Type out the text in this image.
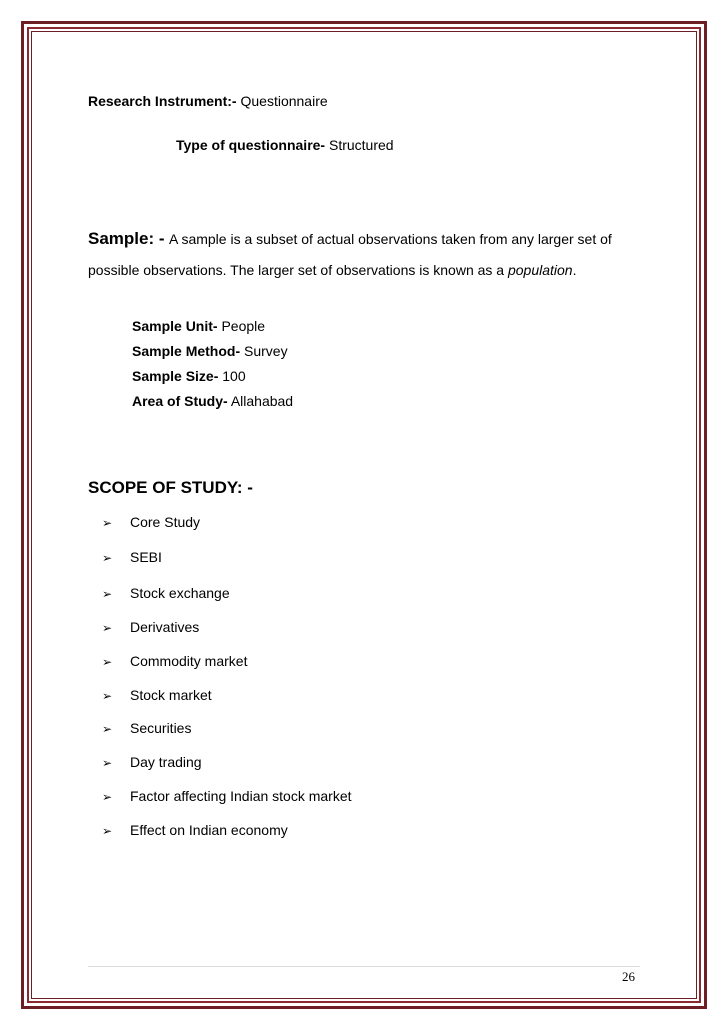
Research Instrument:- Questionnaire
Type of questionnaire- Structured
Sample: - A sample is a subset of actual observations taken from any larger set of
possible observations. The larger set of observations is known as a population.
Sample Unit- People
Sample Method- Survey
Sample Size- 100
Area of Study- Allahabad
SCOPE OF STUDY: -
➢ Core Study
➢ SEBI
➢ Stock exchange
➢ Derivatives
➢ Commodity market
➢ Stock market
➢ Securities
➢ Day trading
➢ Factor affecting Indian stock market
➢ Effect on Indian economy
26
